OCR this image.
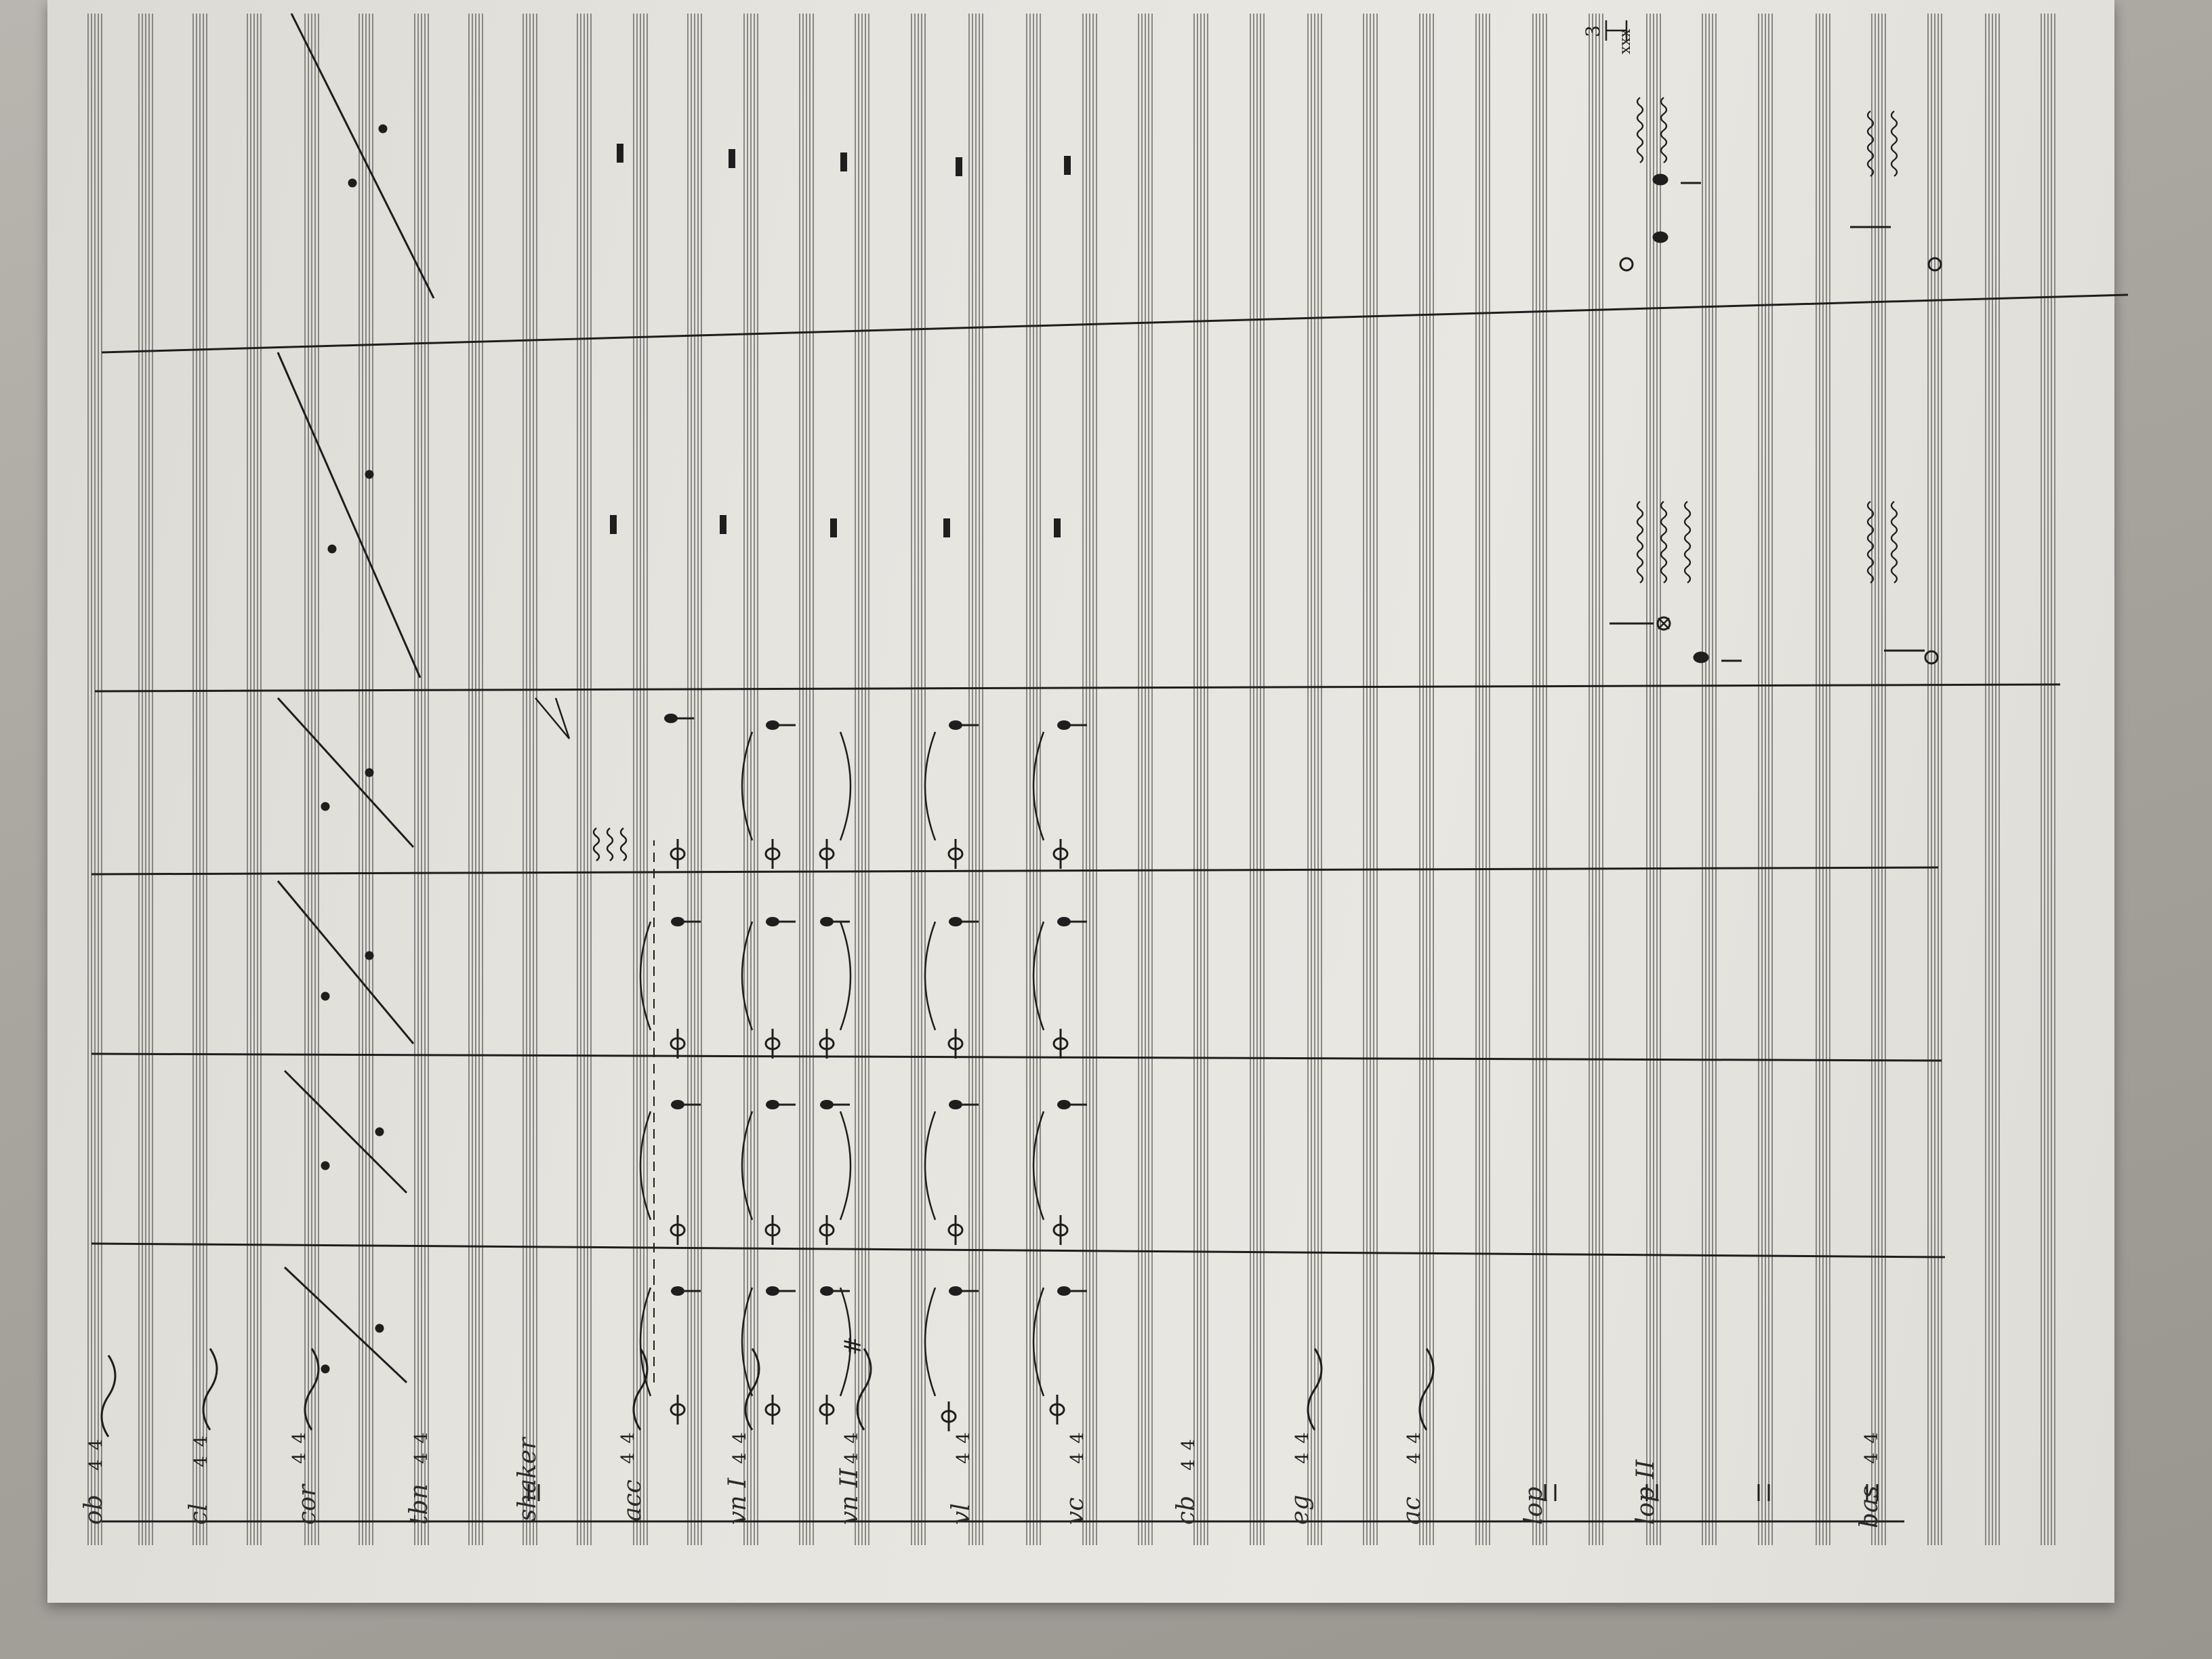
ob	cl	cor	tbn	shaker	acc	vn I	vn II	vl	vc	cb	eg	ac	lop	lop II	bas
4
4
4
4
4
4
4
4
4
4
4
4
4
4
4
4
4
4
4
4
4
4
4
4
4
4
3 xxx
#
